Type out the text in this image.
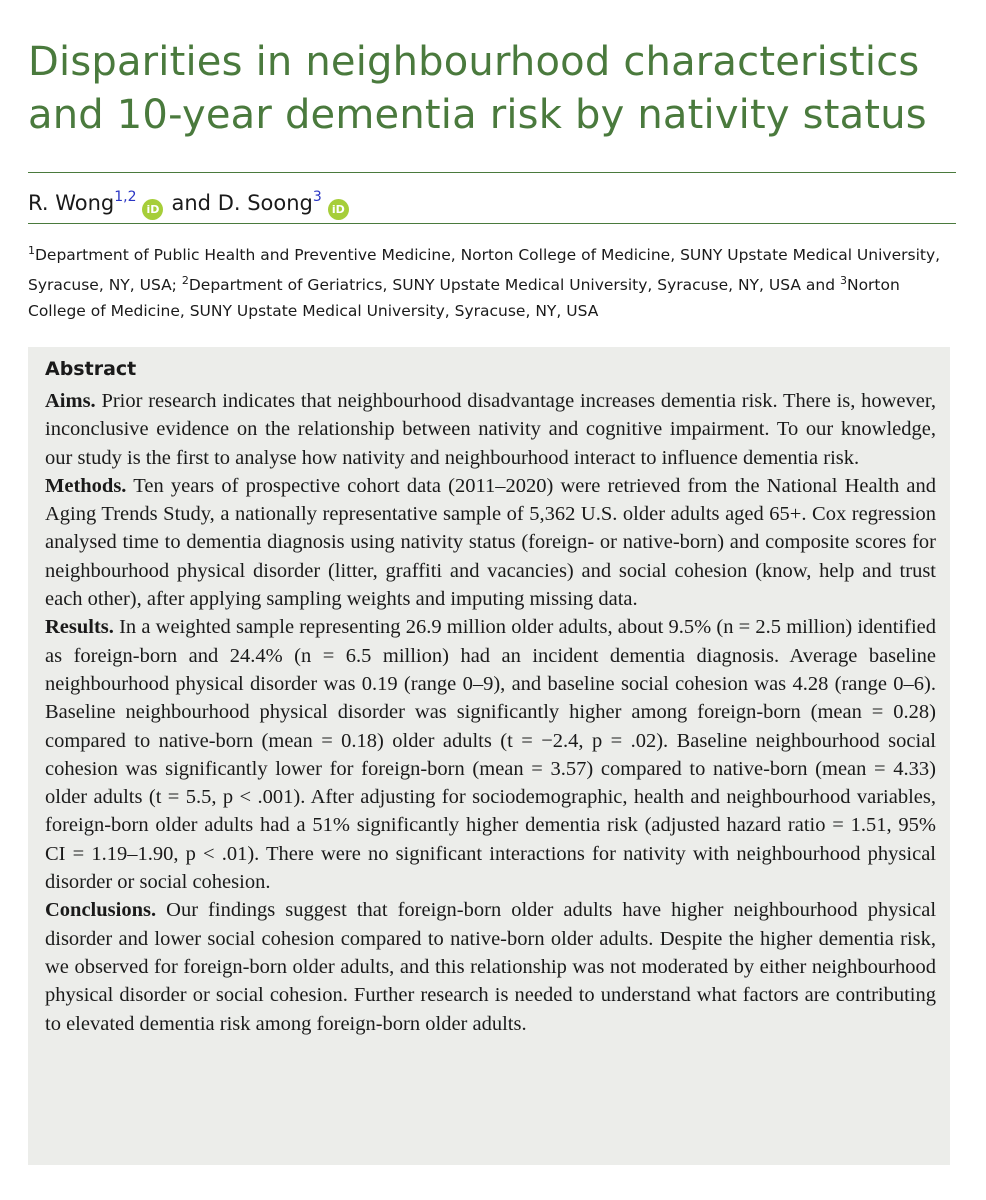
Disparities in neighbourhood characteristics
and 10-year dementia risk by nativity status
R. Wong$^{1,2}$iD and D. Soong$^3$iD
$^1$Department of Public Health and Preventive Medicine, Norton College of Medicine, SUNY Upstate Medical University, Syracuse, NY, USA; $^2$Department of Geriatrics, SUNY Upstate Medical University, Syracuse, NY, USA and $^3$Norton College of Medicine, SUNY Upstate Medical University, Syracuse, NY, USA
Abstract

Aims. Prior research indicates that neighbourhood disadvantage increases dementia risk. There is, however, inconclusive evidence on the relationship between nativity and cognitive impairment. To our knowledge, our study is the first to analyse how nativity and neighbourhood interact to influence dementia risk.

Methods. Ten years of prospective cohort data (2011–2020) were retrieved from the National Health and Aging Trends Study, a nationally representative sample of 5,362 U.S. older adults aged 65+. Cox regression analysed time to dementia diagnosis using nativity status (foreign- or native-born) and composite scores for neighbourhood physical disorder (litter, graffiti and vacancies) and social cohesion (know, help and trust each other), after applying sampling weights and imputing missing data.

Results. In a weighted sample representing 26.9 million older adults, about 9.5% (n = 2.5 million) identified as foreign-born and 24.4% (n = 6.5 million) had an incident dementia diagnosis. Average baseline neighbourhood physical disorder was 0.19 (range 0–9), and baseline social cohesion was 4.28 (range 0–6). Baseline neighbourhood physical disorder was significantly higher among foreign-born (mean = 0.28) compared to native-born (mean = 0.18) older adults (t = −2.4, p = .02). Baseline neighbourhood social cohesion was significantly lower for foreign-born (mean = 3.57) compared to native-born (mean = 4.33) older adults (t = 5.5, p < .001). After adjusting for sociodemographic, health and neighbourhood variables, foreign-born older adults had a 51% significantly higher dementia risk (adjusted hazard ratio = 1.51, 95% CI = 1.19–1.90, p < .01). There were no significant interactions for nativity with neighbourhood physical disorder or social cohesion.

Conclusions. Our findings suggest that foreign-born older adults have higher neighbourhood physical disorder and lower social cohesion compared to native-born older adults. Despite the higher dementia risk, we observed for foreign-born older adults, and this relationship was not moderated by either neighbourhood physical disorder or social cohesion. Further research is needed to understand what factors are contributing to elevated dementia risk among foreign-born older adults.
